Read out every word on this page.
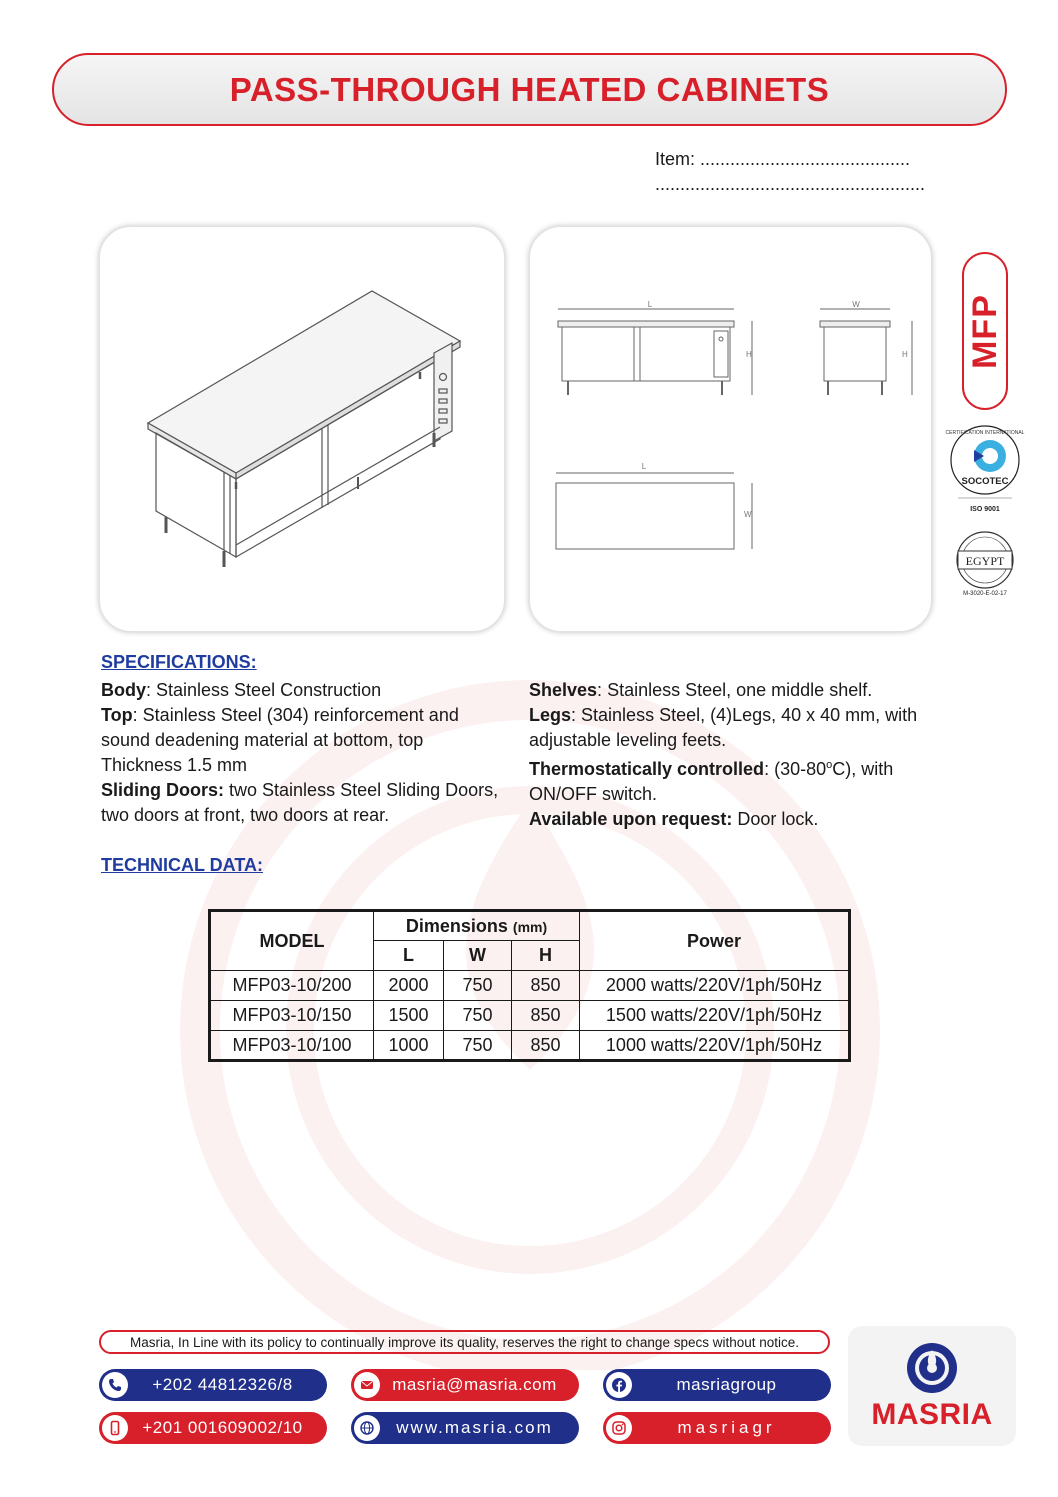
PASS-THROUGH HEATED CABINETS
Item: ..........................................
......................................................
L
H
W
H
L
W
MFP
CERTIFICATION INTERNATIONAL
SOCOTEC
ISO 9001
EGYPT
M-3020-E-02-17
SPECIFICATIONS:
Body: Stainless Steel Construction
Top: Stainless Steel (304) reinforcement and sound deadening material at bottom, top Thickness 1.5 mm
Sliding Doors: two Stainless Steel Sliding Doors, two doors at front, two doors at rear.
Shelves: Stainless Steel, one middle shelf.
Legs: Stainless Steel, (4)Legs, 40 x 40 mm, with adjustable leveling feets.
Thermostatically controlled: (30-80$^o$C), with ON/OFF switch.
Available upon request: Door lock.
TECHNICAL DATA:
MODEL	Dimensions (mm)			Power
	L	W	H	
MFP03-10/200	2000	750	850	2000 watts/220V/1ph/50Hz
MFP03-10/150	1500	750	850	1500 watts/220V/1ph/50Hz
MFP03-10/100	1000	750	850	1000 watts/220V/1ph/50Hz
Masria, In Line with its policy to continually improve its quality, reserves the right to change specs without notice.
+202 44812326/8
+201 001609002/10
masria@masria.com
www.masria.com
masriagroup
masriagr	MASRIA
